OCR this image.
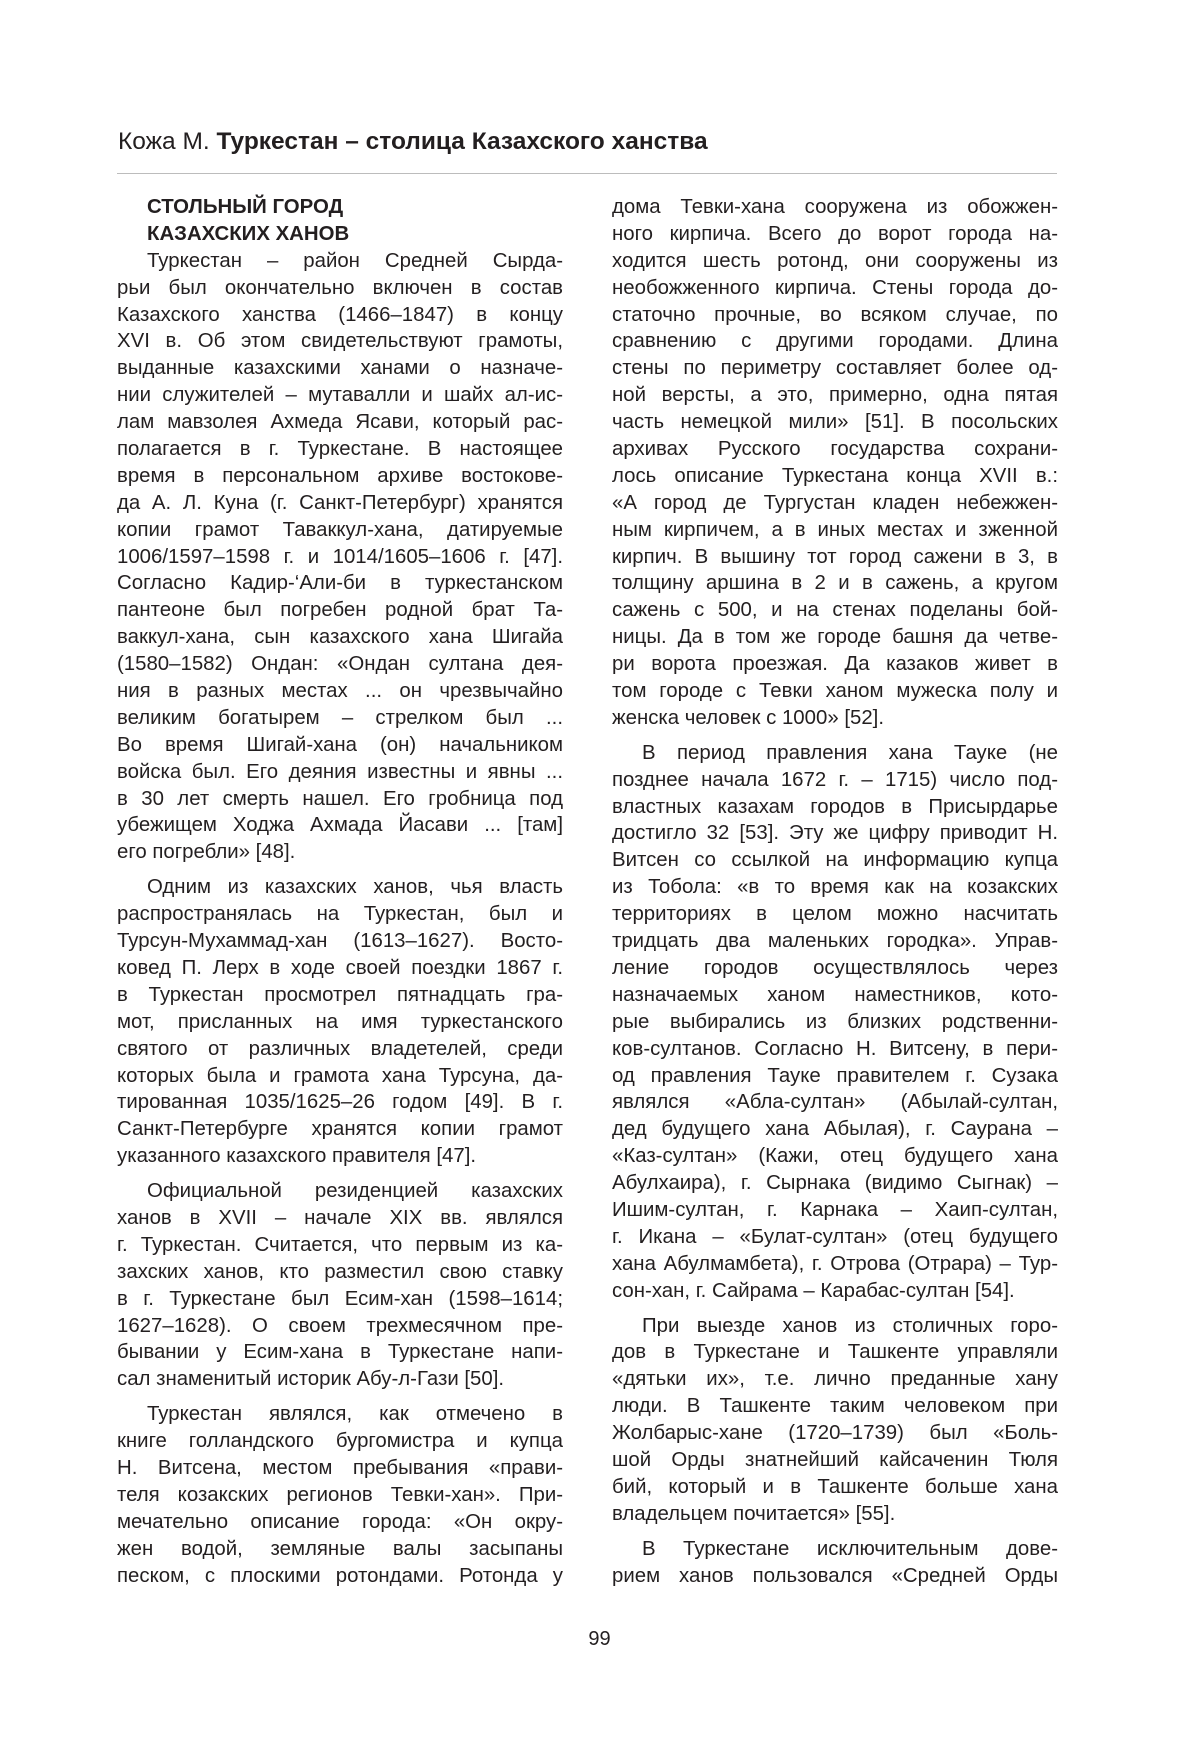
Кожа М. Туркестан – столица Казахского ханства
СТОЛЬНЫЙ ГОРОД
КАЗАХСКИХ ХАНОВ
Туркестан – район Средней Сырда-
рьи был окончательно включен в состав
Казахского ханства (1466–1847) в концу
XVI в. Об этом свидетельствуют грамоты,
выданные казахскими ханами о назначе-
нии служителей – мутавалли и шайх ал-ис-
лам мавзолея Ахмеда Ясави, который рас-
полагается в г. Туркестане. В настоящее
время в персональном архиве востокове-
да А. Л. Куна (г. Санкт-Петербург) хранятся
копии грамот Таваккул-хана, датируемые
1006/1597–1598 г. и 1014/1605–1606 г. [47].
Согласно Кадир-‘Али-би в туркестанском
пантеоне был погребен родной брат Та-
ваккул-хана, сын казахского хана Шигайа
(1580–1582) Ондан: «Ондан султана дея-
ния в разных местах ... он чрезвычайно
великим богатырем – стрелком был ...
Во время Шигай-хана (он) начальником
войска был. Его деяния известны и явны ...
в 30 лет смерть нашел. Его гробница под
убежищем Ходжа Ахмада Йасави ... [там]
его погребли» [48].
Одним из казахских ханов, чья власть
распространялась на Туркестан, был и
Турсун-Мухаммад-хан (1613–1627). Восто-
ковед П. Лерх в ходе своей поездки 1867 г.
в Туркестан просмотрел пятнадцать гра-
мот, присланных на имя туркестанского
святого от различных владетелей, среди
которых была и грамота хана Турсуна, да-
тированная 1035/1625–26 годом [49]. В г.
Санкт-Петербурге хранятся копии грамот
указанного казахского правителя [47].
Официальной резиденцией казахских
ханов в XVII – начале XIX вв. являлся
г. Туркестан. Считается, что первым из ка-
захских ханов, кто разместил свою ставку
в г. Туркестане был Есим-хан (1598–1614;
1627–1628). О своем трехмесячном пре-
бывании у Есим-хана в Туркестане напи-
сал знаменитый историк Абу-л-Гази [50].
Туркестан являлся, как отмечено в
книге голландского бургомистра и купца
Н. Витсена, местом пребывания «прави-
теля козакских регионов Тевки-хан». При-
мечательно описание города: «Он окру-
жен водой, земляные валы засыпаны
песком, с плоскими ротондами. Ротонда у
дома Тевки-хана сооружена из обожжен-
ного кирпича. Всего до ворот города на-
ходится шесть ротонд, они сооружены из
необожженного кирпича. Стены города до-
статочно прочные, во всяком случае, по
сравнению с другими городами. Длина
стены по периметру составляет более од-
ной версты, а это, примерно, одна пятая
часть немецкой мили» [51]. В посольских
архивах Русского государства сохрани-
лось описание Туркестана конца XVII в.:
«А город де Тургустан кладен небежжен-
ным кирпичем, а в иных местах и зженной
кирпич. В вышину тот город сажени в 3, в
толщину аршина в 2 и в сажень, а кругом
сажень с 500, и на стенах поделаны бой-
ницы. Да в том же городе башня да четве-
ри ворота проезжая. Да казаков живет в
том городе с Тевки ханом мужеска полу и
женска человек с 1000» [52].
В период правления хана Тауке (не
позднее начала 1672 г. – 1715) число под-
властных казахам городов в Присырдарье
достигло 32 [53]. Эту же цифру приводит Н.
Витсен со ссылкой на информацию купца
из Тобола: «в то время как на козакских
территориях в целом можно насчитать
тридцать два маленьких городка». Управ-
ление городов осуществлялось через
назначаемых ханом наместников, кото-
рые выбирались из близких родственни-
ков-султанов. Согласно Н. Витсену, в пери-
од правления Тауке правителем г. Сузака
являлся «Абла-султан» (Абылай-султан,
дед будущего хана Абылая), г. Саурана –
«Каз-султан» (Кажи, отец будущего хана
Абулхаира), г. Сырнака (видимо Сыгнак) –
Ишим-султан, г. Карнака – Хаип-султан,
г. Икана – «Булат-султан» (отец будущего
хана Абулмамбета), г. Отрова (Отрара) – Тур-
сон-хан, г. Сайрама – Карабас-султан [54].
При выезде ханов из столичных горо-
дов в Туркестане и Ташкенте управляли
«дятьки их», т.е. лично преданные хану
люди. В Ташкенте таким человеком при
Жолбарыс-хане (1720–1739) был «Боль-
шой Орды знатнейший кайсаченин Тюля
бий, который и в Ташкенте больше хана
владельцем почитается» [55].
В Туркестане исключительным дове-
рием ханов пользовался «Средней Орды
99
